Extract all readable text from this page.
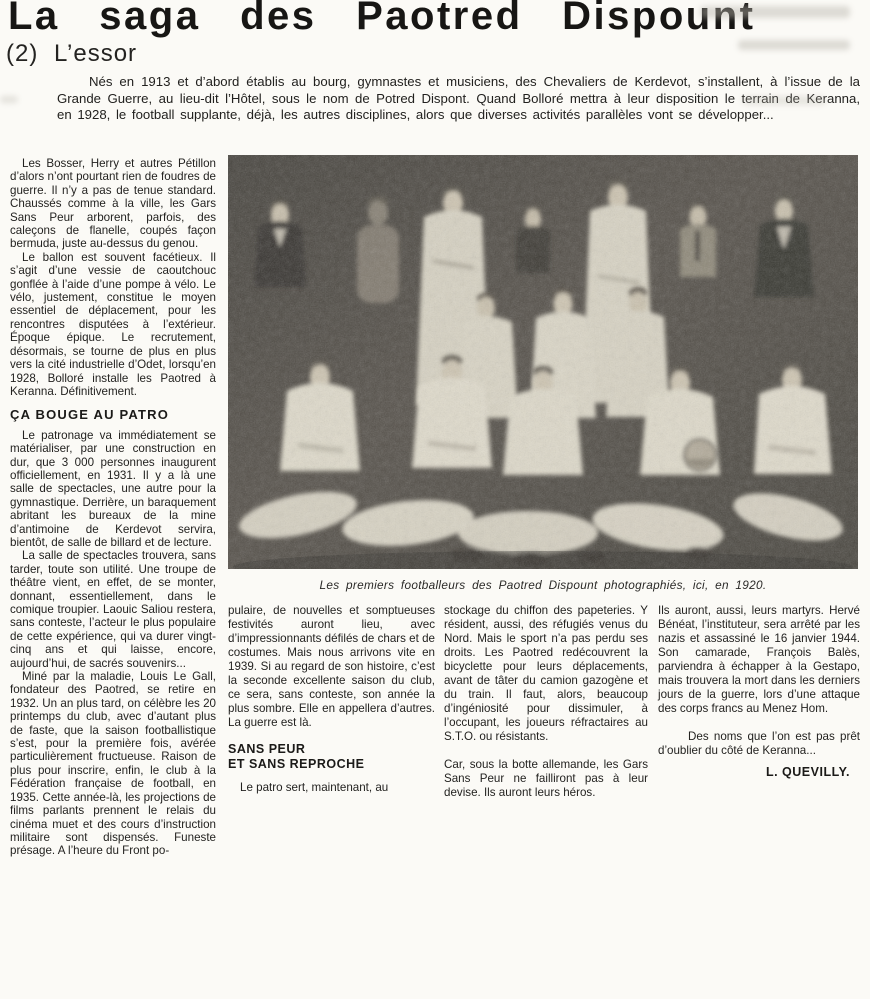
La saga des Paotred Dispount
(2) L’essor

Nés en 1913 et d’abord établis au bourg, gymnastes et musiciens, des Chevaliers de Kerdevot, s’installent, à l’issue de la Grande Guerre, au lieu-dit l’Hôtel, sous le nom de Potred Dispont. Quand Bolloré mettra à leur disposition le terrain de Keranna, en 1928, le football supplante, déjà, les autres disciplines, alors que diverses activités parallèles vont se développer...

Les Bosser, Herry et autres Pétillon d’alors n’ont pourtant rien de foudres de guerre. Il n’y a pas de tenue standard. Chaussés comme à la ville, les Gars Sans Peur arborent, parfois, des caleçons de flanelle, coupés façon bermuda, juste au-dessus du genou.

Le ballon est souvent facétieux. Il s’agit d’une vessie de caoutchouc gonflée à l’aide d’une pompe à vélo. Le vélo, justement, constitue le moyen essentiel de déplacement, pour les rencontres disputées à l’extérieur. Époque épique. Le recrutement, désormais, se tourne de plus en plus vers la cité industrielle d’Odet, lorsqu’en 1928, Bolloré installe les Paotred à Keranna. Définitivement.

ÇA BOUGE AU PATRO

Le patronage va immédiatement se matérialiser, par une construction en dur, que 3 000 personnes inaugurent officiellement, en 1931. Il y a là une salle de spectacles, une autre pour la gymnastique. Derrière, un baraquement abritant les bureaux de la mine d’antimoine de Kerdevot servira, bientôt, de salle de billard et de lecture.

La salle de spectacles trouvera, sans tarder, toute son utilité. Une troupe de théâtre vient, en effet, de se monter, donnant, essentiellement, dans le comique troupier. Laouic Saliou restera, sans conteste, l’acteur le plus populaire de cette expérience, qui va durer vingt-cinq ans et qui laisse, encore, aujourd’hui, de sacrés souvenirs...

Miné par la maladie, Louis Le Gall, fondateur des Paotred, se retire en 1932. Un an plus tard, on célèbre les 20 printemps du club, avec d’autant plus de faste, que la saison footballistique s’est, pour la première fois, avérée particulièrement fructueuse. Raison de plus pour inscrire, enfin, le club à la Fédération française de football, en 1935. Cette année-là, les projections de films parlants prennent le relais du cinéma muet et des cours d’instruction militaire sont dispensés. Funeste présage. A l’heure du Front po-

Les premiers footballeurs des Paotred Dispount photographiés, ici, en 1920.

pulaire, de nouvelles et somptueuses festivités auront lieu, avec d’impressionnants défilés de chars et de costumes. Mais nous arrivons vite en 1939. Si au regard de son histoire, c’est la seconde excellente saison du club, ce sera, sans conteste, son année la plus sombre. Elle en appellera d’autres. La guerre est là.

SANS PEUR
ET SANS REPROCHE

Le patro sert, maintenant, au

stockage du chiffon des papeteries. Y résident, aussi, des réfugiés venus du Nord. Mais le sport n’a pas perdu ses droits. Les Paotred redécouvrent la bicyclette pour leurs déplacements, avant de tâter du camion gazogène et du train. Il faut, alors, beaucoup d’ingéniosité pour dissimuler, à l’occupant, les joueurs réfractaires au S.T.O. ou résistants.

Car, sous la botte allemande, les Gars Sans Peur ne failliront pas à leur devise. Ils auront leurs héros.

Ils auront, aussi, leurs martyrs. Hervé Bénéat, l’instituteur, sera arrêté par les nazis et assassiné le 16 janvier 1944. Son camarade, François Balès, parviendra à échapper à la Gestapo, mais trouvera la mort dans les derniers jours de la guerre, lors d’une attaque des corps francs au Menez Hom.

Des noms que l’on est pas prêt d’oublier du côté de Keranna...

L. QUEVILLY.
